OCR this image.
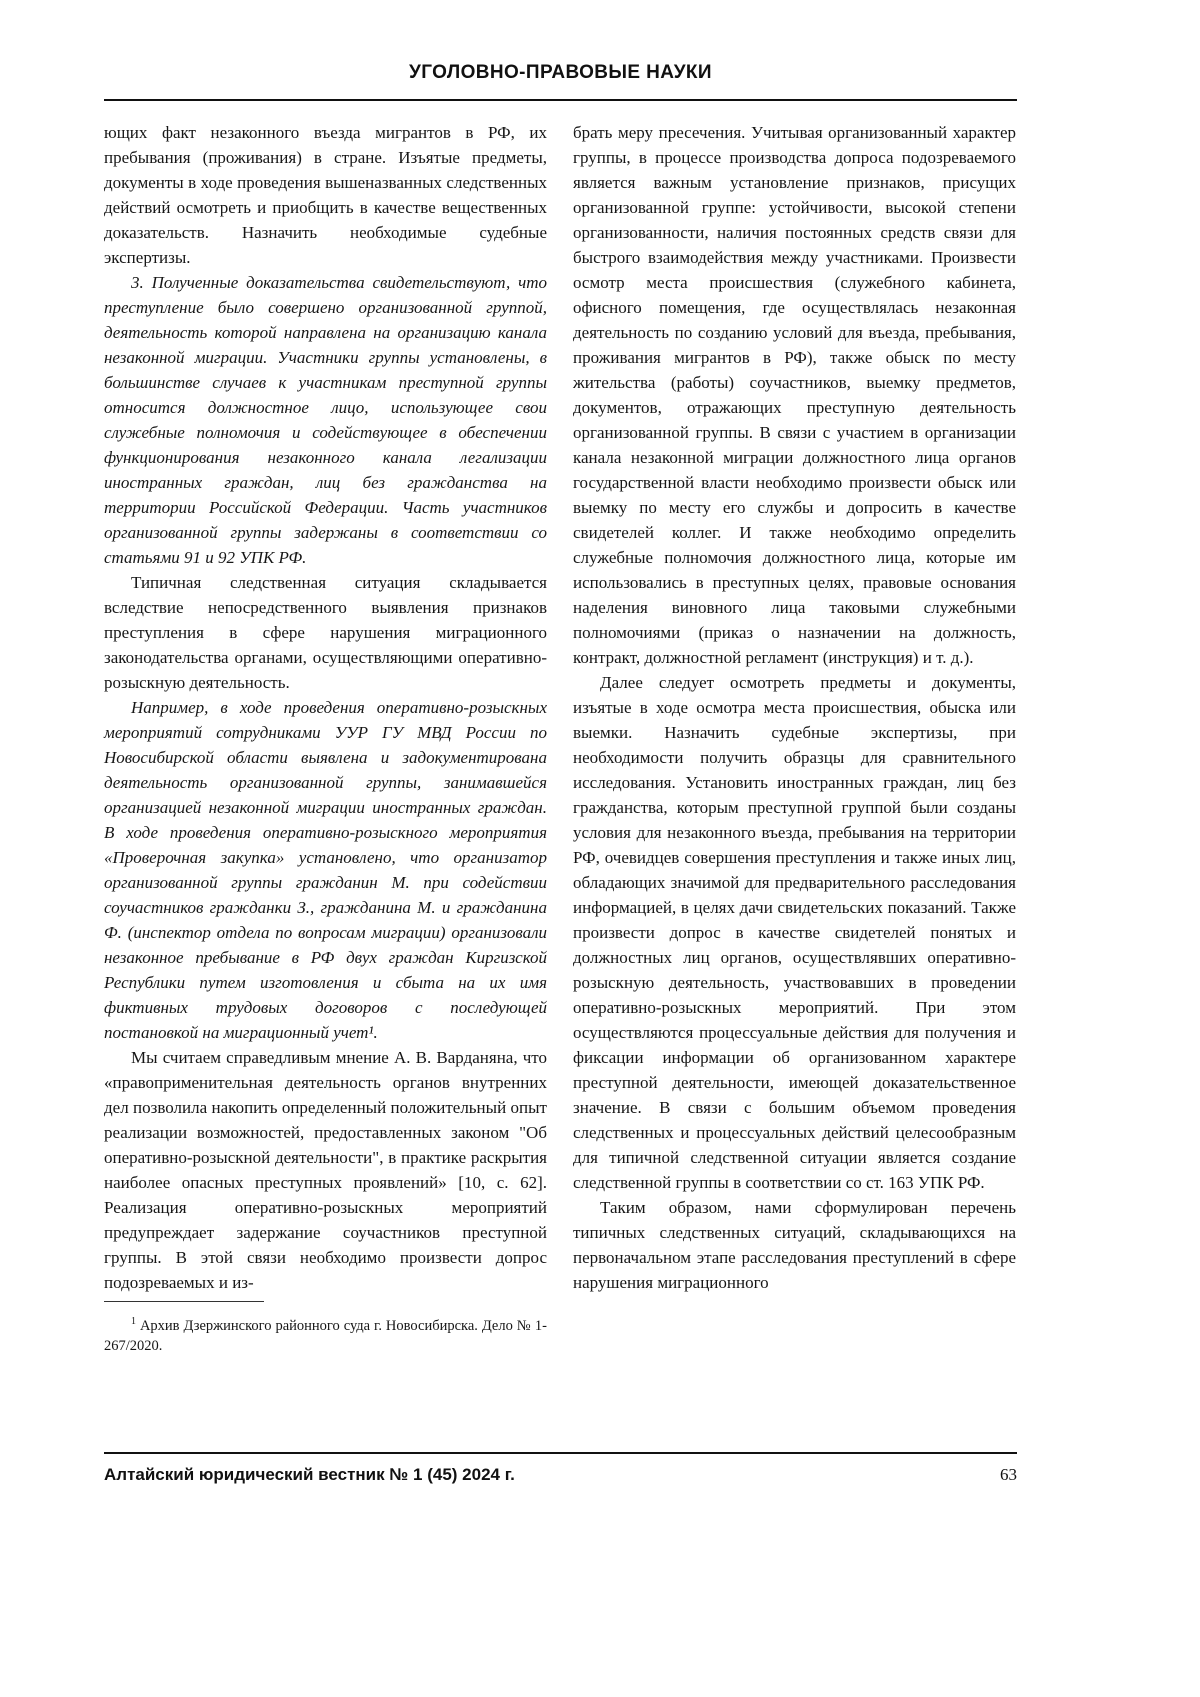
УГОЛОВНО-ПРАВОВЫЕ НАУКИ

ющих факт незаконного въезда мигрантов в РФ, их пребывания (проживания) в стране. Изъятые предметы, документы в ходе проведения вышеназванных следственных действий осмотреть и приобщить в качестве вещественных доказательств. Назначить необходимые судебные экспертизы.

3. Полученные доказательства свидетельствуют, что преступление было совершено организованной группой, деятельность которой направлена на организацию канала незаконной миграции. Участники группы установлены, в большинстве случаев к участникам преступной группы относится должностное лицо, использующее свои служебные полномочия и содействующее в обеспечении функционирования незаконного канала легализации иностранных граждан, лиц без гражданства на территории Российской Федерации. Часть участников организованной группы задержаны в соответствии со статьями 91 и 92 УПК РФ.

Типичная следственная ситуация складывается вследствие непосредственного выявления признаков преступления в сфере нарушения миграционного законодательства органами, осуществляющими оперативно-розыскную деятельность.

Например, в ходе проведения оперативно-розыскных мероприятий сотрудниками УУР ГУ МВД России по Новосибирской области выявлена и задокументирована деятельность организованной группы, занимавшейся организацией незаконной миграции иностранных граждан. В ходе проведения оперативно-розыскного мероприятия «Проверочная закупка» установлено, что организатор организованной группы гражданин М. при содействии соучастников гражданки З., гражданина М. и гражданина Ф. (инспектор отдела по вопросам миграции) организовали незаконное пребывание в РФ двух граждан Киргизской Республики путем изготовления и сбыта на их имя фиктивных трудовых договоров с последующей постановкой на миграционный учет¹.

Мы считаем справедливым мнение А. В. Варданяна, что «правоприменительная деятельность органов внутренних дел позволила накопить определенный положительный опыт реализации возможностей, предоставленных законом "Об оперативно-розыскной деятельности", в практике раскрытия наиболее опасных преступных проявлений» [10, с. 62]. Реализация оперативно-розыскных мероприятий предупреждает задержание соучастников преступной группы. В этой связи необходимо произвести допрос подозреваемых и из-

$^1$ Архив Дзержинского районного суда г. Новосибирска. Дело № 1-267/2020.

брать меру пресечения. Учитывая организованный характер группы, в процессе производства допроса подозреваемого является важным установление признаков, присущих организованной группе: устойчивости, высокой степени организованности, наличия постоянных средств связи для быстрого взаимодействия между участниками. Произвести осмотр места происшествия (служебного кабинета, офисного помещения, где осуществлялась незаконная деятельность по созданию условий для въезда, пребывания, проживания мигрантов в РФ), также обыск по месту жительства (работы) соучастников, выемку предметов, документов, отражающих преступную деятельность организованной группы. В связи с участием в организации канала незаконной миграции должностного лица органов государственной власти необходимо произвести обыск или выемку по месту его службы и допросить в качестве свидетелей коллег. И также необходимо определить служебные полномочия должностного лица, которые им использовались в преступных целях, правовые основания наделения виновного лица таковыми служебными полномочиями (приказ о назначении на должность, контракт, должностной регламент (инструкция) и т. д.).

Далее следует осмотреть предметы и документы, изъятые в ходе осмотра места происшествия, обыска или выемки. Назначить судебные экспертизы, при необходимости получить образцы для сравнительного исследования. Установить иностранных граждан, лиц без гражданства, которым преступной группой были созданы условия для незаконного въезда, пребывания на территории РФ, очевидцев совершения преступления и также иных лиц, обладающих значимой для предварительного расследования информацией, в целях дачи свидетельских показаний. Также произвести допрос в качестве свидетелей понятых и должностных лиц органов, осуществлявших оперативно-розыскную деятельность, участвовавших в проведении оперативно-розыскных мероприятий. При этом осуществляются процессуальные действия для получения и фиксации информации об организованном характере преступной деятельности, имеющей доказательственное значение. В связи с большим объемом проведения следственных и процессуальных действий целесообразным для типичной следственной ситуации является создание следственной группы в соответствии со ст. 163 УПК РФ.

Таким образом, нами сформулирован перечень типичных следственных ситуаций, складывающихся на первоначальном этапе расследования преступлений в сфере нарушения миграционного

Алтайский юридический вестник № 1 (45) 2024 г.	63
